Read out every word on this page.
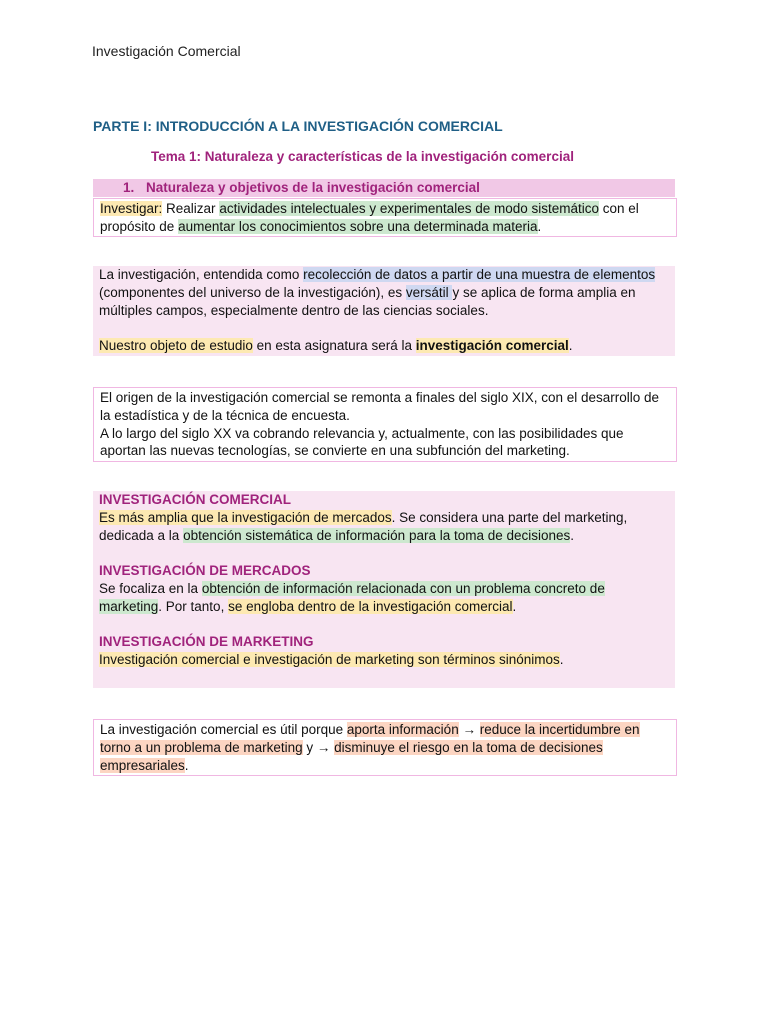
Investigación Comercial
PARTE I: INTRODUCCIÓN A LA INVESTIGACIÓN COMERCIAL
Tema 1: Naturaleza y características de la investigación comercial
1. Naturaleza y objetivos de la investigación comercial

Investigar: Realizar actividades intelectuales y experimentales de modo sistemático con el propósito de aumentar los conocimientos sobre una determinada materia.

La investigación, entendida como recolección de datos a partir de una muestra de elementos (componentes del universo de la investigación), es versátil y se aplica de forma amplia en múltiples campos, especialmente dentro de las ciencias sociales.

Nuestro objeto de estudio en esta asignatura será la investigación comercial.

El origen de la investigación comercial se remonta a finales del siglo XIX, con el desarrollo de la estadística y de la técnica de encuesta.

A lo largo del siglo XX va cobrando relevancia y, actualmente, con las posibilidades que aportan las nuevas tecnologías, se convierte en una subfunción del marketing.

INVESTIGACIÓN COMERCIAL

Es más amplia que la investigación de mercados. Se considera una parte del marketing, dedicada a la obtención sistemática de información para la toma de decisiones.

INVESTIGACIÓN DE MERCADOS

Se focaliza en la obtención de información relacionada con un problema concreto de marketing. Por tanto, se engloba dentro de la investigación comercial.

INVESTIGACIÓN DE MARKETING

Investigación comercial e investigación de marketing son términos sinónimos.

La investigación comercial es útil porque aporta información → reduce la incertidumbre en torno a un problema de marketing y → disminuye el riesgo en la toma de decisiones empresariales.
